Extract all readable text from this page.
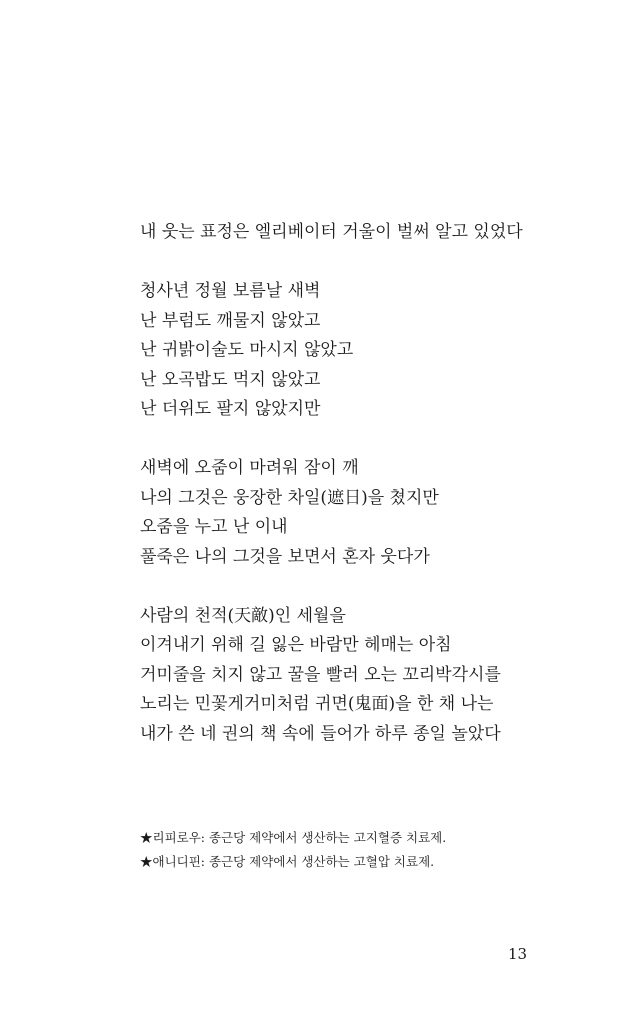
내 웃는 표정은 엘리베이터 거울이 벌써 알고 있었다
청사년 정월 보름날 새벽
난 부럼도 깨물지 않았고
난 귀밝이술도 마시지 않았고
난 오곡밥도 먹지 않았고
난 더위도 팔지 않았지만
새벽에 오줌이 마려워 잠이 깨
나의 그것은 웅장한 차일(遮日)을 쳤지만
오줌을 누고 난 이내
풀죽은 나의 그것을 보면서 혼자 웃다가
사람의 천적(天敵)인 세월을
이겨내기 위해 길 잃은 바람만 헤매는 아침
거미줄을 치지 않고 꿀을 빨러 오는 꼬리박각시를
노리는 민꽃게거미처럼 귀면(鬼面)을 한 채 나는
내가 쓴 네 권의 책 속에 들어가 하루 종일 놀았다
★리피로우: 종근당 제약에서 생산하는 고지혈증 치료제.
★애니디핀: 종근당 제약에서 생산하는 고혈압 치료제.
13
